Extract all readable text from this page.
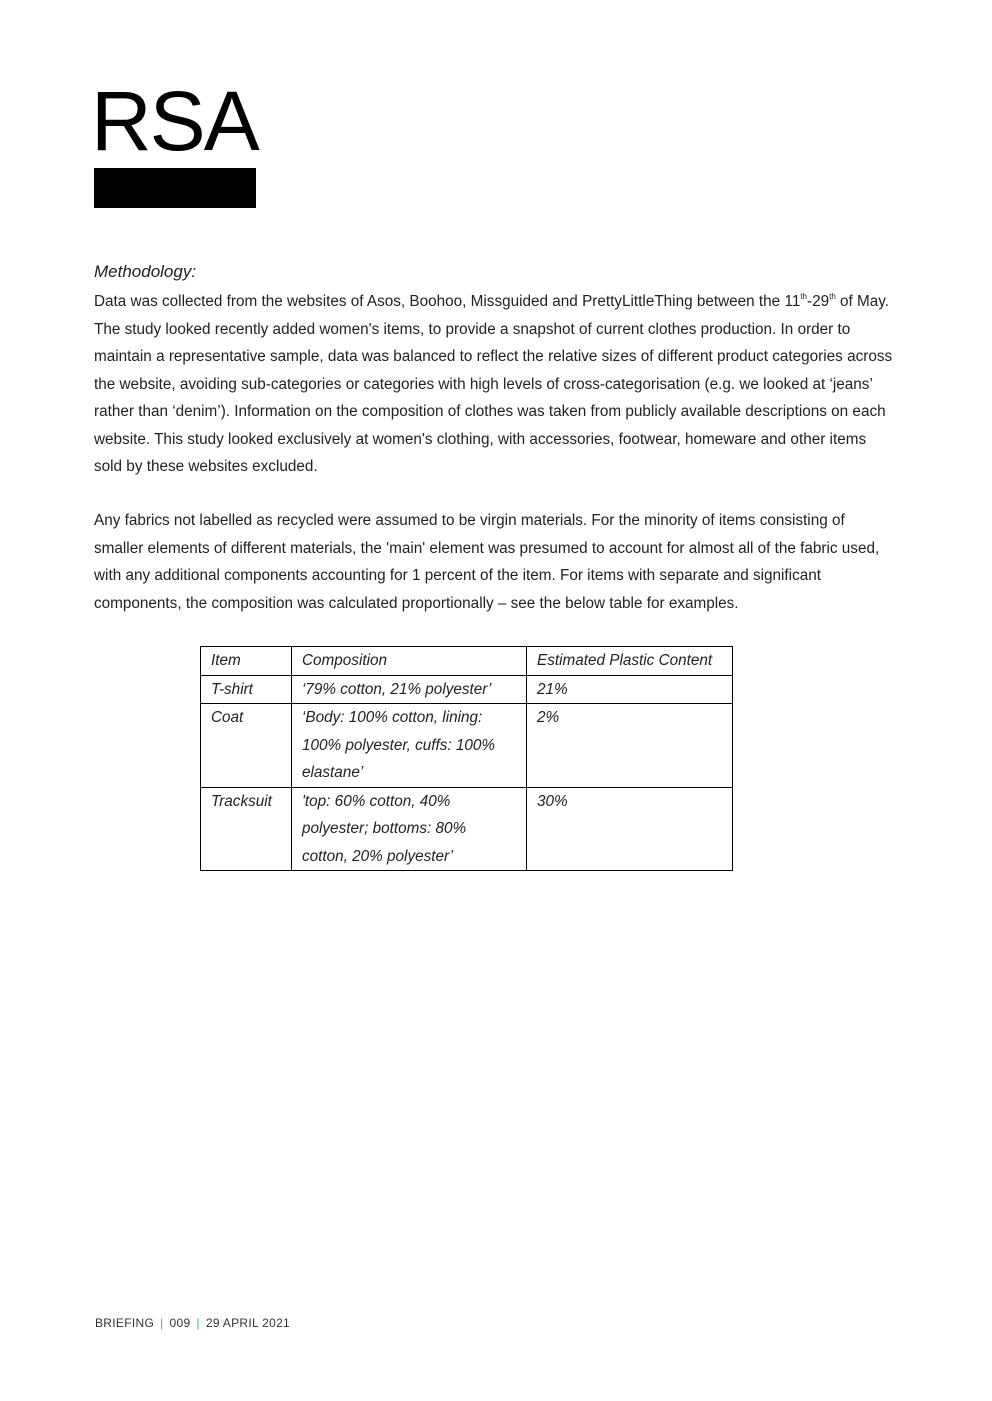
RSA
Methodology:
Data was collected from the websites of Asos, Boohoo, Missguided and PrettyLittleThing between the 11th-29th of May. The study looked recently added women's items, to provide a snapshot of current clothes production. In order to maintain a representative sample, data was balanced to reflect the relative sizes of different product categories across the website, avoiding sub-categories or categories with high levels of cross-categorisation (e.g. we looked at ‘jeans’ rather than ‘denim’). Information on the composition of clothes was taken from publicly available descriptions on each website. This study looked exclusively at women's clothing, with accessories, footwear, homeware and other items sold by these websites excluded.
Any fabrics not labelled as recycled were assumed to be virgin materials. For the minority of items consisting of smaller elements of different materials, the 'main' element was presumed to account for almost all of the fabric used, with any additional components accounting for 1 percent of the item. For items with separate and significant components, the composition was calculated proportionally – see the below table for examples.
Item	Composition	Estimated Plastic Content
T-shirt	‘79% cotton, 21% polyester’	21%
Coat	‘Body: 100% cotton, lining: 100% polyester, cuffs: 100% elastane’	2%
Tracksuit	'top: 60% cotton, 40% polyester; bottoms: 80% cotton, 20% polyester’	30%
BRIEFING | 009 | 29 APRIL 2021
